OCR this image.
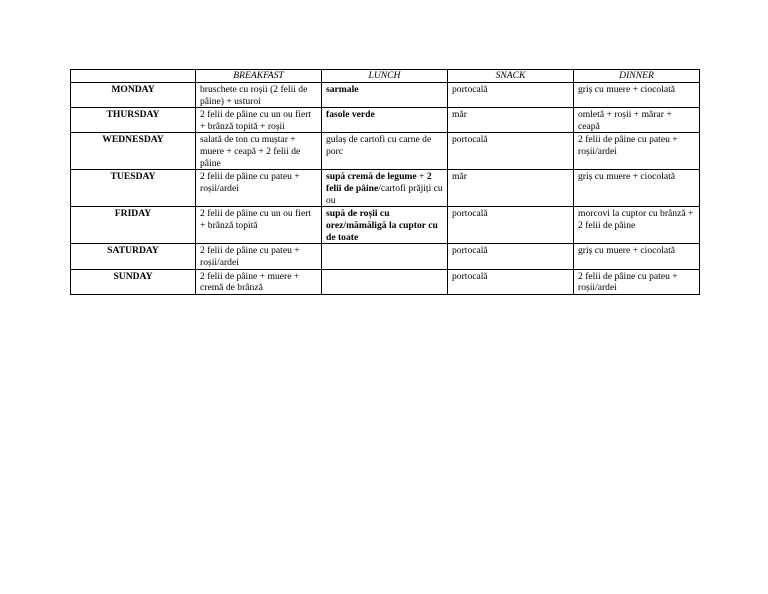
	BREAKFAST	LUNCH	SNACK	DINNER
MONDAY	bruschete cu roșii (2 felii de pâine) + usturoi	sarmale	portocală	griș cu muere + ciocolată
THURSDAY	2 felii de pâine cu un ou fiert + brânză topită + roșii	fasole verde	măr	omletă + roșii + mărar + ceapă
WEDNESDAY	salată de ton cu muștar + muere + ceapă + 2 felii de pâine	gulaș de cartofi cu carne de porc	portocală	2 felii de pâine cu pateu + roșii/ardei
TUESDAY	2 felii de pâine cu pateu + roșii/ardei	supă cremă de legume + 2 felii de pâine/cartofi prăjiți cu ou	măr	griș cu muere + ciocolată
FRIDAY	2 felii de pâine cu un ou fiert + brânză topită	supă de roșii cu orez/mămăligă la cuptor cu de toate	portocală	morcovi la cuptor cu brânză + 2 felii de pâine
SATURDAY	2 felii de pâine cu pateu + roșii/ardei		portocală	griș cu muere + ciocolată
SUNDAY	2 felii de pâine + muere + cremă de brânză		portocală	2 felii de pâine cu pateu + roșii/ardei
